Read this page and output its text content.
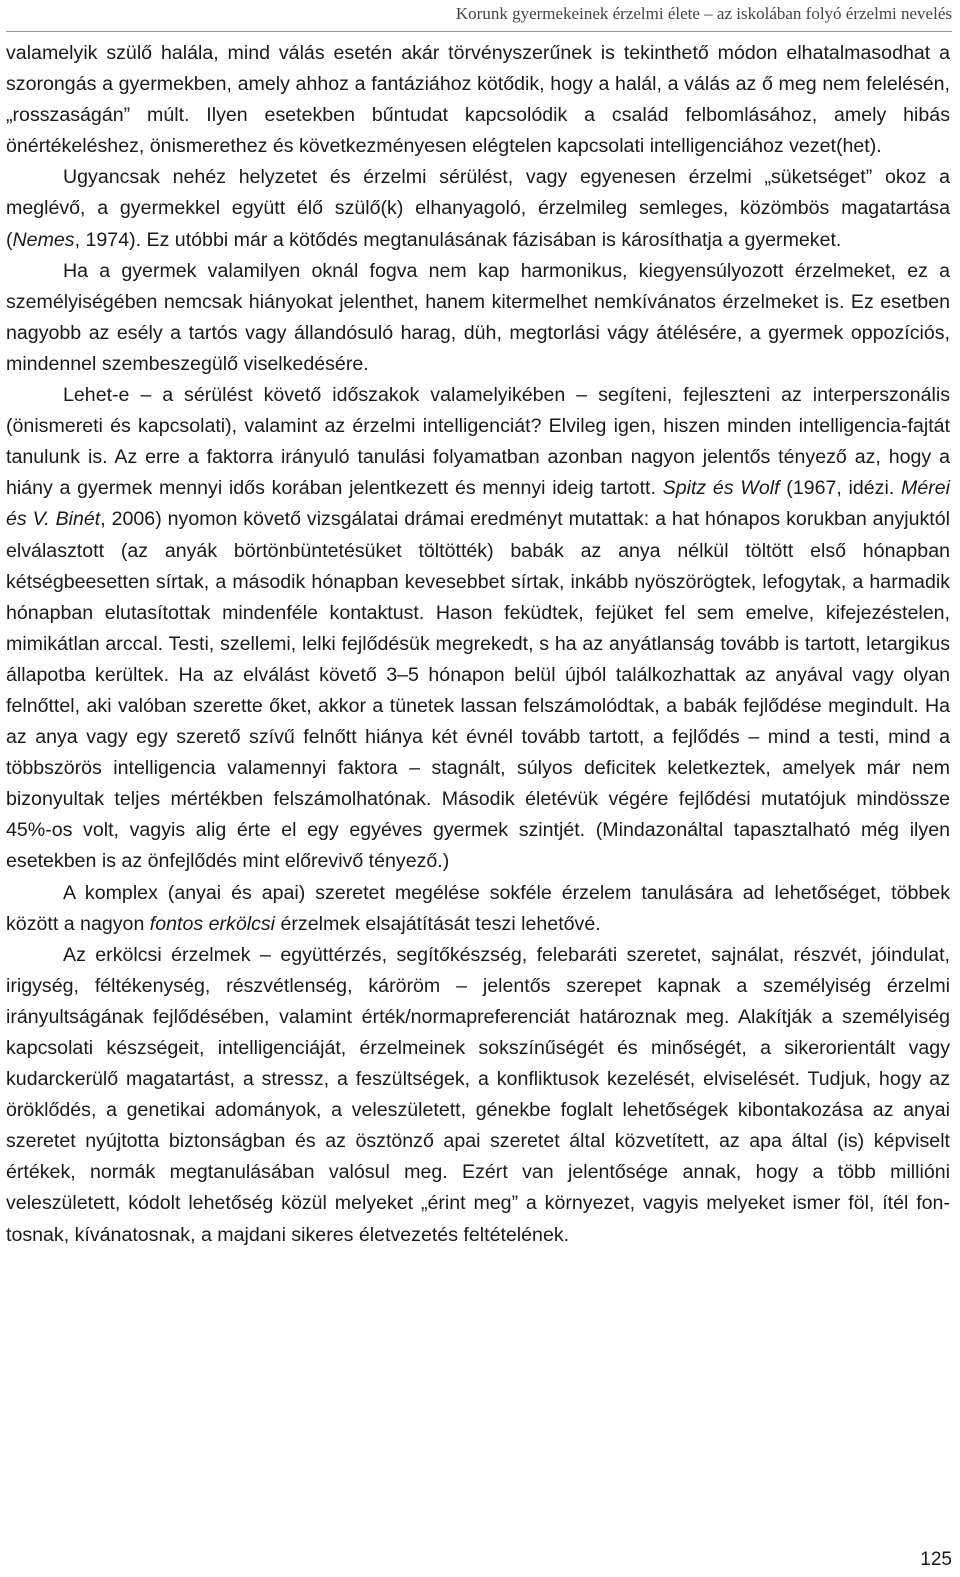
Korunk gyermekeinek érzelmi élete – az iskolában folyó érzelmi nevelés

valamelyik szülő halála, mind válás esetén akár törvényszerűnek is tekinthető módon elhatalmasodhat a szorongás a gyermekben, amely ahhoz a fantáziához kötődik, hogy a halál, a válás az ő meg nem felelésén, „rosszaságán” múlt. Ilyen esetekben bűntudat kapcsolódik a család felbomlásához, amely hibás önértékeléshez, önismerethez és következményesen elégtelen kapcsolati intelligenciához vezet(het).

Ugyancsak nehéz helyzetet és érzelmi sérülést, vagy egyenesen érzelmi „süketséget” okoz a meglévő, a gyermekkel együtt élő szülő(k) elhanyagoló, érzelmileg semleges, közömbös magatartása (Nemes, 1974). Ez utóbbi már a kötődés megtanulásának fázisában is károsíthatja a gyermeket.

Ha a gyermek valamilyen oknál fogva nem kap harmonikus, kiegyensúlyozott érzelmeket, ez a személyiségében nemcsak hiányokat jelenthet, hanem kitermelhet nemkívánatos érzelmeket is. Ez esetben nagyobb az esély a tartós vagy állandósuló harag, düh, megtorlási vágy átélésére, a gyermek oppozíciós, mindennel szembeszegülő viselkedésére.

Lehet-e – a sérülést követő időszakok valamelyikében – segíteni, fejleszteni az interperszonális (önismereti és kapcsolati), valamint az érzelmi intelligenciát? Elvileg igen, hiszen minden intelligencia-fajtát tanulunk is. Az erre a faktorra irányuló tanulási folyamatban azonban nagyon jelentős tényező az, hogy a hiány a gyermek mennyi idős korában jelentkezett és mennyi ideig tartott. Spitz és Wolf (1967, idézi. Mérei és V. Binét, 2006) nyomon követő vizsgálatai drámai eredményt mutattak: a hat hónapos korukban anyjuktól elválasztott (az anyák börtönbüntetésüket töltötték) babák az anya nélkül töltött első hónapban kétségbeesetten sírtak, a második hónapban kevesebbet sírtak, inkább nyöszörögtek, lefogytak, a harmadik hónapban elutasítottak mindenféle kontaktust. Hason feküdtek, fejüket fel sem emelve, kifejezéstelen, mimikátlan arccal. Testi, szellemi, lelki fejlődésük megrekedt, s ha az anyátlanság tovább is tartott, letargikus állapotba kerültek. Ha az elválást követő 3–5 hónapon belül újból találkozhattak az anyával vagy olyan felnőttel, aki valóban szerette őket, akkor a tünetek lassan felszámolódtak, a babák fejlődése megindult. Ha az anya vagy egy szerető szívű felnőtt hiánya két évnél tovább tartott, a fejlődés – mind a testi, mind a többszörös intelligencia valamennyi faktora – stagnált, súlyos deficitek keletkeztek, amelyek már nem bizonyultak teljes mértékben felszámolhatónak. Második életévük végére fejlődési mutatójuk mindössze 45%-os volt, vagyis alig érte el egy egyéves gyermek szintjét. (Mindazonáltal tapasztalható még ilyen esetekben is az önfejlődés mint előrevivő tényező.)

A komplex (anyai és apai) szeretet megélése sokféle érzelem tanulására ad lehetőséget, többek között a nagyon fontos erkölcsi érzelmek elsajátítását teszi lehetővé.

Az erkölcsi érzelmek – együttérzés, segítőkészség, felebaráti szeretet, sajnálat, részvét, jóindulat, irigység, féltékenység, részvétlenség, káröröm – jelentős szerepet kapnak a személyiség érzelmi irányultságának fejlődésében, valamint érték/normapreferenciát határoznak meg. Alakítják a személyiség kapcsolati készségeit, intelligenciáját, érzelmeinek sokszínűségét és minőségét, a sikerorientált vagy kudarckerülő magatartást, a stressz, a feszültségek, a konfliktusok kezelését, elviselését. Tudjuk, hogy az öröklődés, a genetikai adományok, a veleszületett, génekbe foglalt lehetőségek kibontakozása az anyai szeretet nyújtotta biztonságban és az ösztönző apai szeretet által közvetített, az apa által (is) képviselt értékek, normák megtanulásában valósul meg. Ezért van jelentősége annak, hogy a több millióni veleszületett, kódolt lehetőség közül melyeket „érint meg” a környezet, vagyis melyeket ismer föl, ítél fontosnak, kívánatosnak, a majdani sikeres életvezetés feltételének.

125
